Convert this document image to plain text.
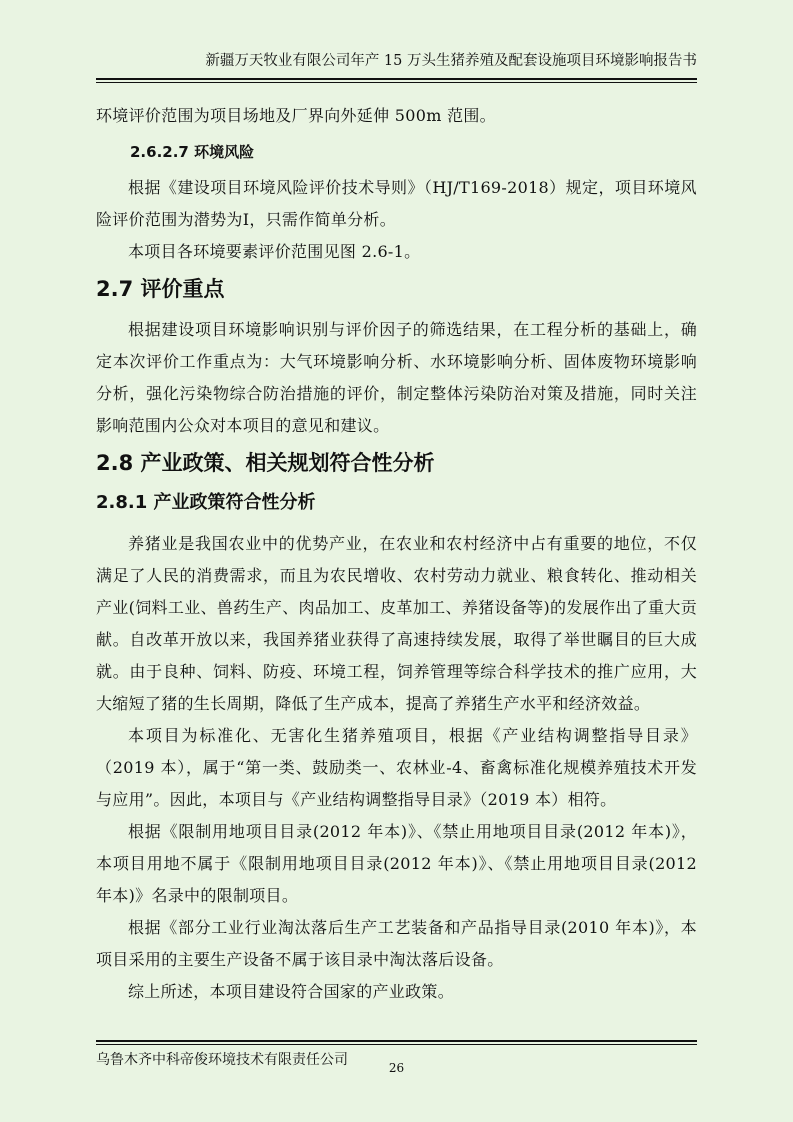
新疆万天牧业有限公司年产 15 万头生猪养殖及配套设施项目环境影响报告书

环境评价范围为项目场地及厂界向外延伸 500m 范围。

2.6.2.7 环境风险

根据《建设项目环境风险评价技术导则》（HJ/T169-2018）规定，项目环境风险评价范围为潜势为Ⅰ，只需作简单分析。

本项目各环境要素评价范围见图 2.6-1。

2.7 评价重点

根据建设项目环境影响识别与评价因子的筛选结果，在工程分析的基础上，确定本次评价工作重点为：大气环境影响分析、水环境影响分析、固体废物环境影响分析，强化污染物综合防治措施的评价，制定整体污染防治对策及措施，同时关注影响范围内公众对本项目的意见和建议。

2.8 产业政策、相关规划符合性分析
2.8.1 产业政策符合性分析

养猪业是我国农业中的优势产业，在农业和农村经济中占有重要的地位，不仅满足了人民的消费需求，而且为农民增收、农村劳动力就业、粮食转化、推动相关产业(饲料工业、兽药生产、肉品加工、皮革加工、养猪设备等)的发展作出了重大贡献。自改革开放以来，我国养猪业获得了高速持续发展，取得了举世瞩目的巨大成就。由于良种、饲料、防疫、环境工程，饲养管理等综合科学技术的推广应用，大大缩短了猪的生长周期，降低了生产成本，提高了养猪生产水平和经济效益。

本项目为标准化、无害化生猪养殖项目，根据《产业结构调整指导目录》（2019 本），属于“第一类、鼓励类一、农林业-4、畜禽标准化规模养殖技术开发与应用”。因此，本项目与《产业结构调整指导目录》（2019 本）相符。

根据《限制用地项目目录(2012 年本)》、《禁止用地项目目录(2012 年本)》，本项目用地不属于《限制用地项目目录(2012 年本)》、《禁止用地项目目录(2012 年本)》名录中的限制项目。

根据《部分工业行业淘汰落后生产工艺装备和产品指导目录(2010 年本)》，本项目采用的主要生产设备不属于该目录中淘汰落后设备。

综上所述，本项目建设符合国家的产业政策。

乌鲁木齐中科帝俊环境技术有限责任公司	26
